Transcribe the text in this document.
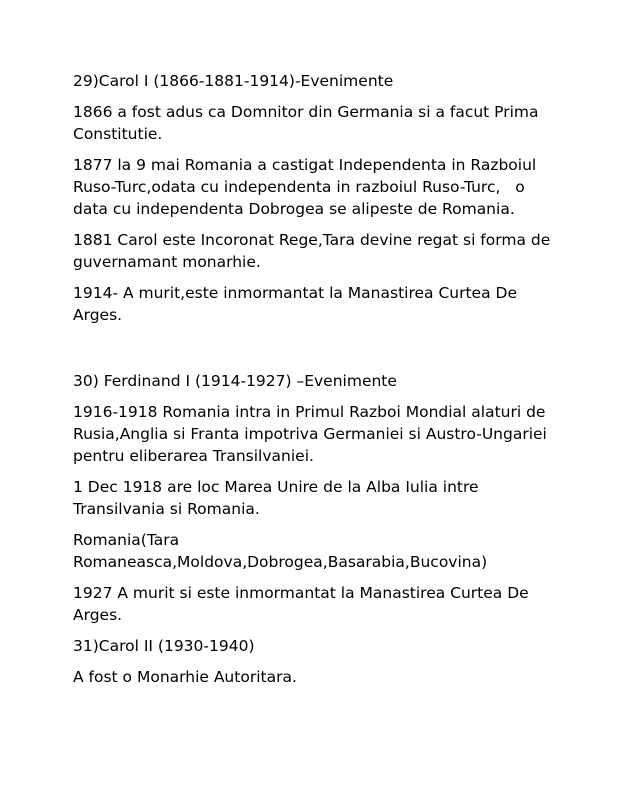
29)Carol I (1866-1881-1914)-Evenimente

1866 a fost adus ca Domnitor din Germania si a facut Prima Constitutie.

1877 la 9 mai Romania a castigat Independenta in Razboiul Ruso-Turc,odata cu independenta in razboiul Ruso-Turc,   o data cu independenta Dobrogea se alipeste de Romania.

1881 Carol este Incoronat Rege,Tara devine regat si forma de guvernamant monarhie.

1914- A murit,este inmormantat la Manastirea Curtea De Arges.

30) Ferdinand I (1914-1927) –Evenimente

1916-1918 Romania intra in Primul Razboi Mondial alaturi de Rusia,Anglia si Franta impotriva Germaniei si Austro-Ungariei pentru eliberarea Transilvaniei.

1 Dec 1918 are loc Marea Unire de la Alba Iulia intre Transilvania si Romania.

Romania(Tara Romaneasca,Moldova,Dobrogea,Basarabia,Bucovina)

1927 A murit si este inmormantat la Manastirea Curtea De Arges.

31)Carol II (1930-1940)

A fost o Monarhie Autoritara.
